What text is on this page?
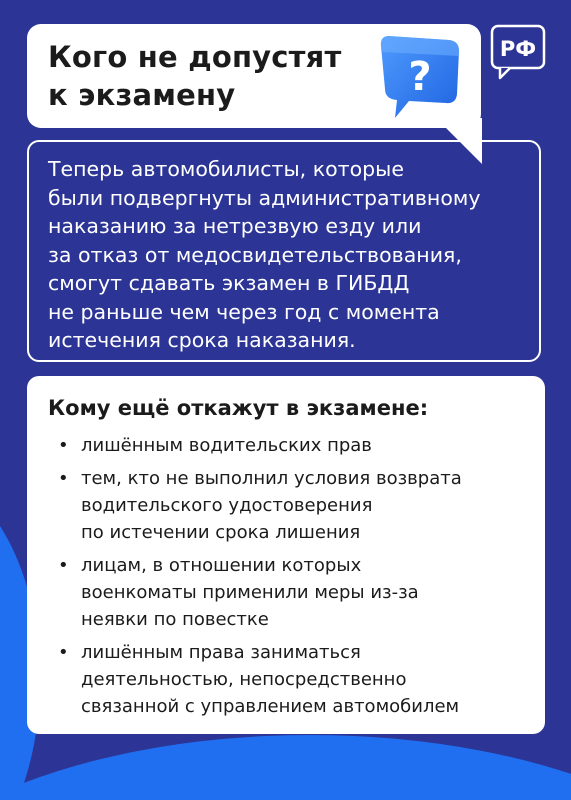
Кого не допустят
к экзамену	?
РФ

Теперь автомобилисты, которые
были подвергнуты административному
наказанию за нетрезвую езду или
за отказ от медосвидетельствования,
смогут сдавать экзамен в ГИБДД
не раньше чем через год с момента
истечения срока наказания.

Кому ещё откажут в экзамене:
• лишённым водительских прав
• тем, кто не выполнил условия возврата
водительского удостоверения
по истечении срока лишения
• лицам, в отношении которых
военкоматы применили меры из-за
неявки по повестке
• лишённым права заниматься
деятельностью, непосредственно
связанной с управлением автомобилем
